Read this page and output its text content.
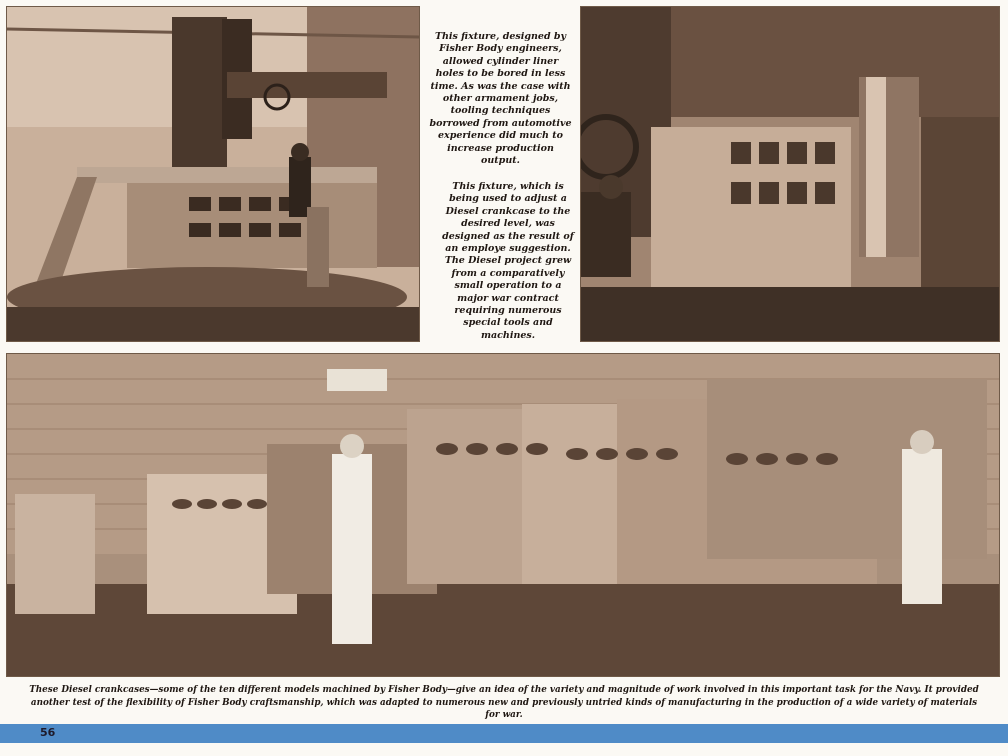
This fixture, designed by Fisher Body engineers, allowed cylinder liner holes to be bored in less time. As was the case with other armament jobs, tooling techniques borrowed from automotive experience did much to increase production output.
This fixture, which is being used to adjust a Diesel crankcase to the desired level, was designed as the result of an employe suggestion. The Diesel project grew from a comparatively small operation to a major war contract requiring numerous special tools and machines.
These Diesel crankcases—some of the ten different models machined by Fisher Body—give an idea of the variety and magnitude of work involved in this important task for the Navy. It provided another test of the flexibility of Fisher Body craftsmanship, which was adapted to numerous new and previously untried kinds of manufacturing in the production of a wide variety of materials for war.
56
